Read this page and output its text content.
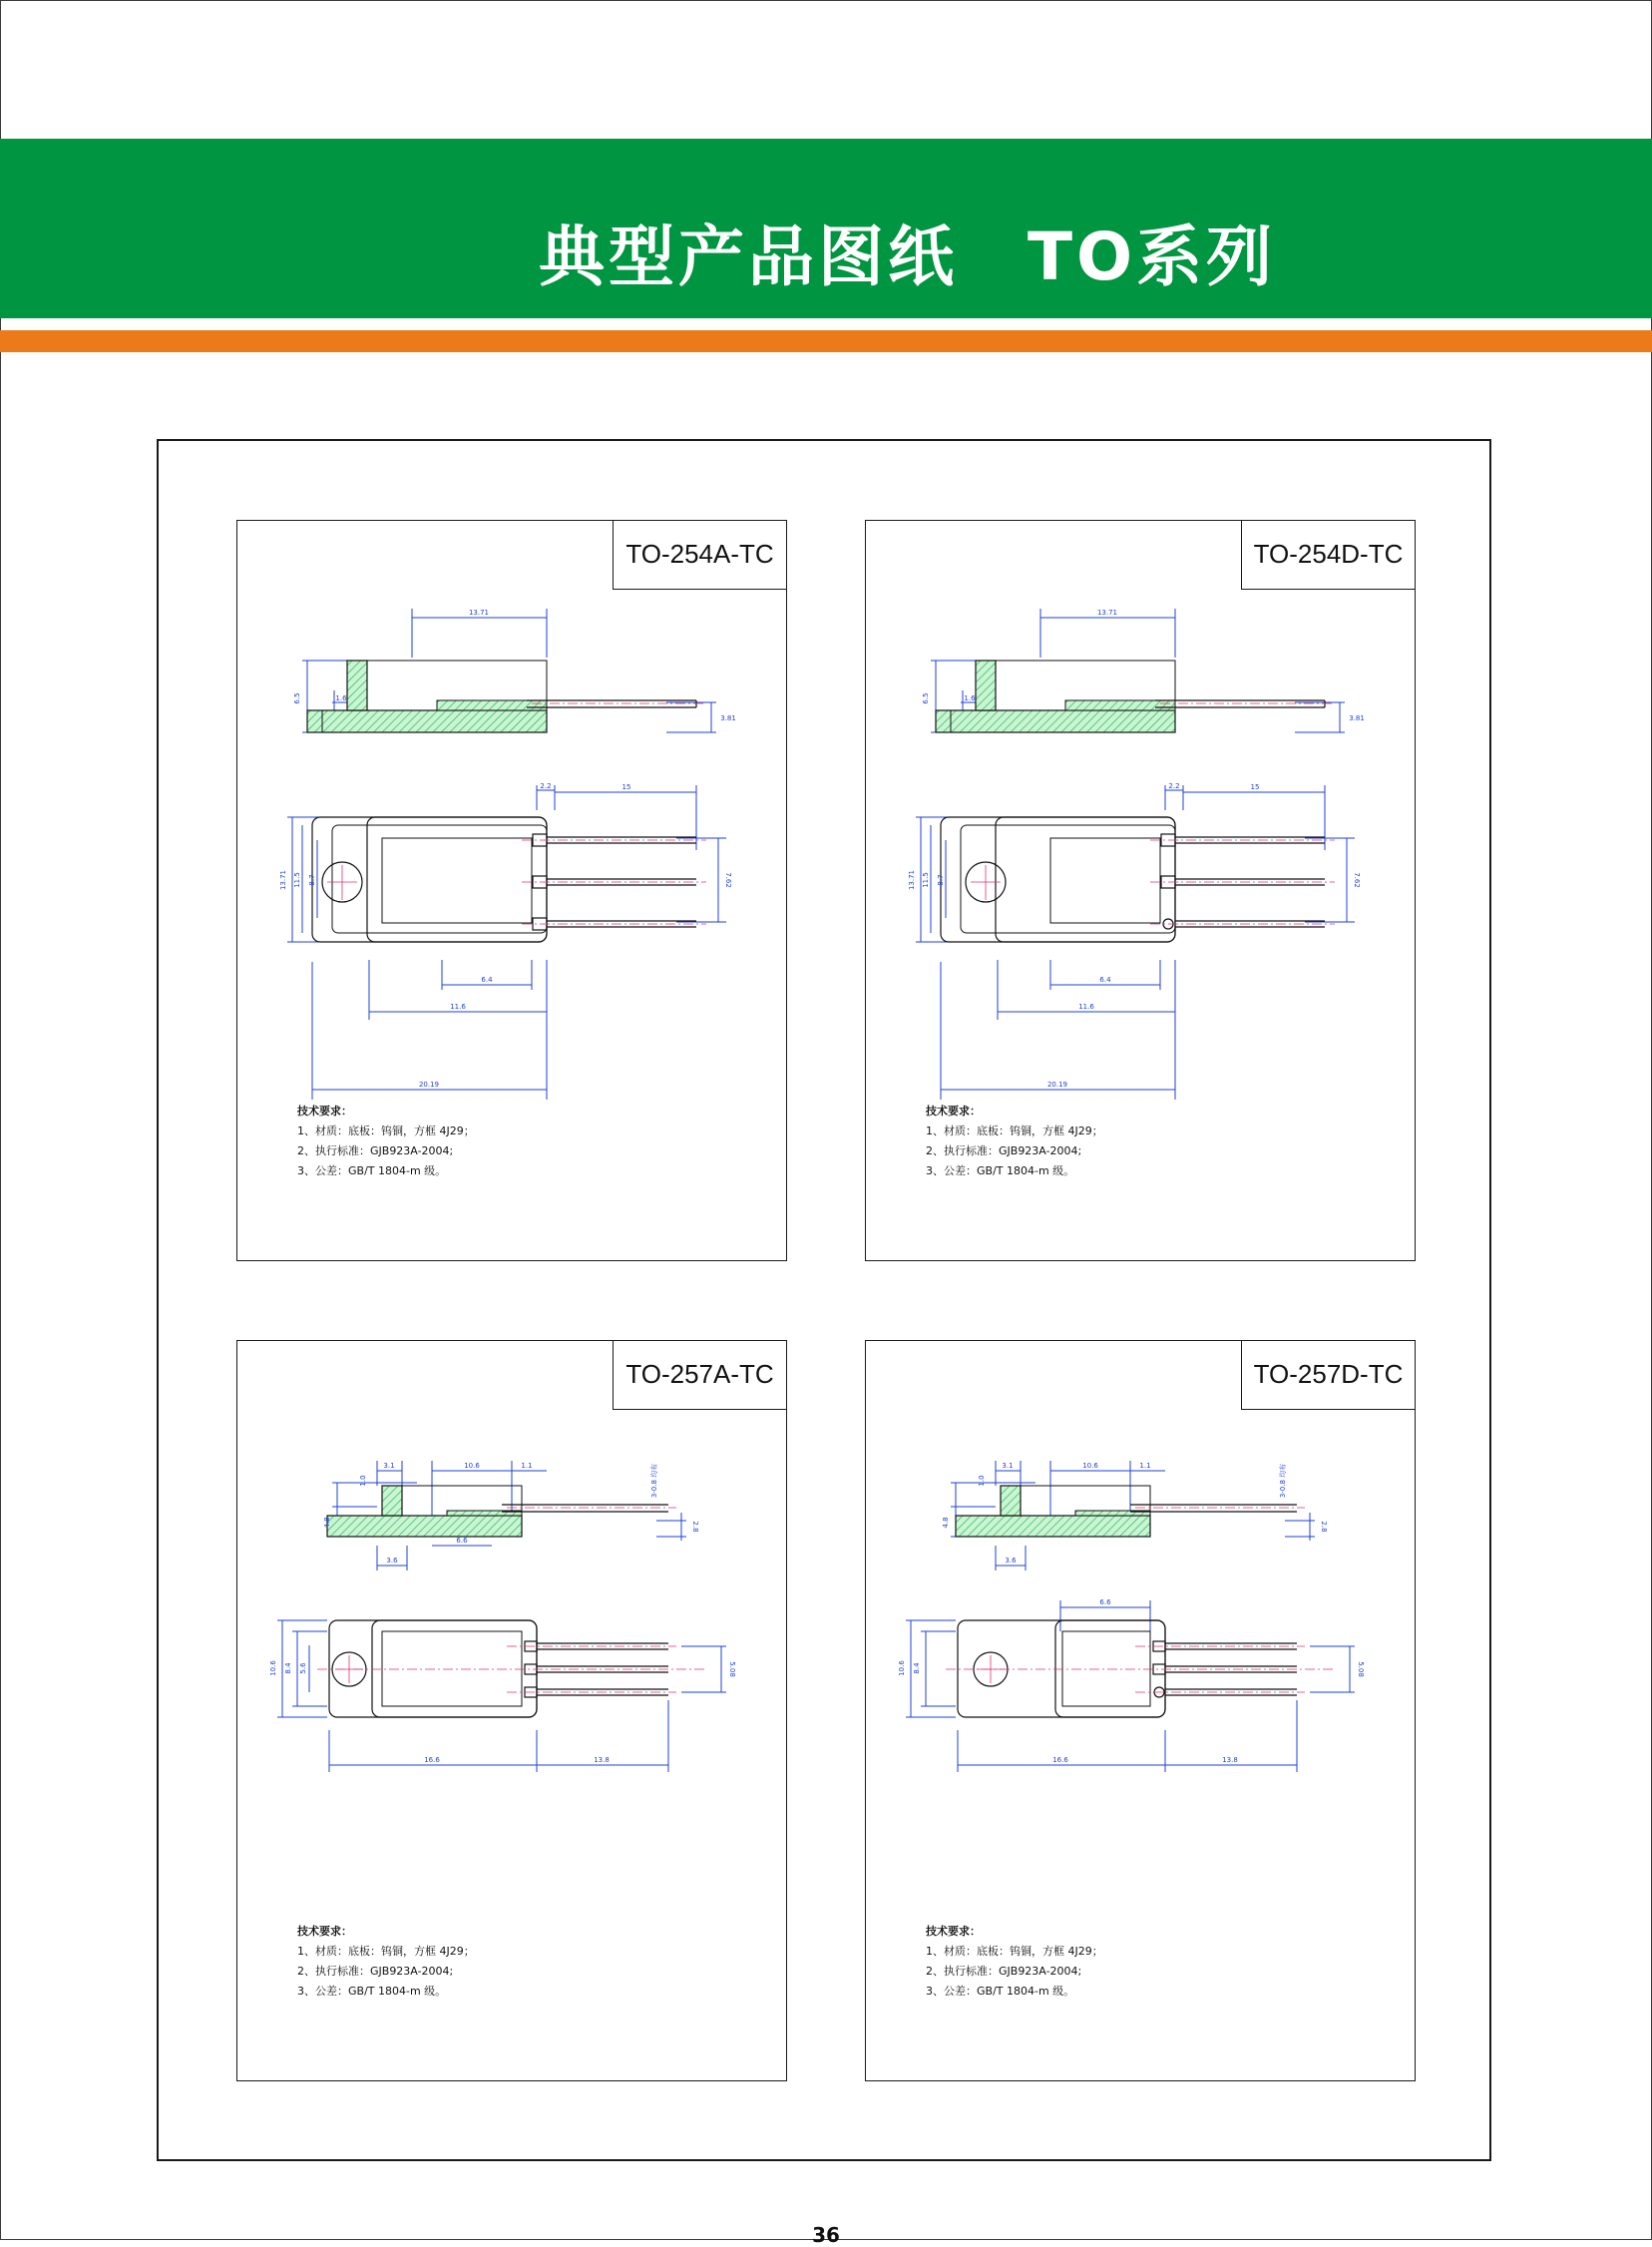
典型产品图纸　TO系列
TO-254A-TC
13.71
6.5	1.6
3.81
2.2	15
13.71 11.5 8.7	7.62
6.4
11.6
20.19
技术要求：
1、材质：底板：钨铜，方框 4J29；
2、执行标准：GJB923A-2004;
3、公差：GB/T 1804-m 级。
TO-254D-TC
13.71
6.5	1.6
3.81
2.2	15
13.71 11.5 8.7	7.62
6.4
11.6
20.19
技术要求：
1、材质：底板：钨铜，方框 4J29；
2、执行标准：GJB923A-2004;
3、公差：GB/T 1804-m 级。
TO-257A-TC
1.0
3.1	10.6	1.1	3-0.8 均布
4.8
3.6
6.6
2.8
10.6 8.4 5.6	5.08
16.6	13.8
技术要求：
1、材质：底板：钨铜，方框 4J29；
2、执行标准：GJB923A-2004;
3、公差：GB/T 1804-m 级。
TO-257D-TC
1.0
3.1	10.6	1.1	3-0.8 均布
4.8
3.6
6.6
2.8
10.6 8.4	5.08
16.6	13.8
技术要求：
1、材质：底板：钨铜，方框 4J29；
2、执行标准：GJB923A-2004;
3、公差：GB/T 1804-m 级。
36
